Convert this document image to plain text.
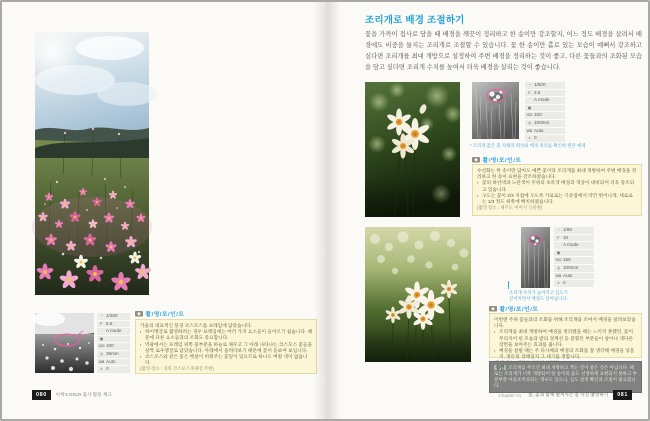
◔ 1/250
F 5.6
A mode
▦
ISO 100
◎ 35mm
WB Auto
± 0
촬/영/포/인/트

가을의 대표적인 풍경 코스모스를 프레임에 담았습니다.

▪ 하이앵글로 촬영하려는 경우 프레임에는 여러 가지 요소들이 들어오기 쉽습니다. 때문에 다른 요소들과의 조화도 중요합니다.

▪ 역광에서는 프레임 위쪽 꽃부분을 하늘로 채우고 그 아래 나타나는 코스모스 꽃들을 살짝 로우앵글로 담았습니다. 아래에서 올려다보기 때문에 꽃이 돋보여 보입니다.

▪ 코스모스와 같은 꽃은 햇살이 비춰주는 꽃잎이 있으므로 하나도 버릴 색이 없습니다.

(촬영 장소 : 경북 코스모스축제장 주변)

080	아찌's DSLR 출사 활용 체크
조리개로 배경 조절하기

꽃을 가까이 접사로 담을 때 배경을 깨끗이 정리하고 한 송이만 강조할지, 어느 정도 배경을 살려서 배경에도 비중을 둘지는 조리개로 조절할 수 있습니다. 꽃 한 송이만 홀로 있는 모습이 예뻐서 강조하고 싶다면 조리개를 최대 개방으로 설정하여 주변 배경을 정리하는 것이 좋고, 다른 꽃들과의 조화된 모습을 담고 싶다면 조리개 수치를 높여서 더욱 배경을 살리는 것이 좋습니다.

◔ 1/500
F 3.5
A mode
▦
ISO 100
◎ 100mm
WB Auto
± 0
*조리개 값은 꽃 자체의 위치와 배경 정리를 확인한 원본 예제
촬/영/포/인/트

수선화는 한 송이만 담아도 예쁜 꽃이라 조리개를 최대 개방하여 주변 배경을 정리하고 한 송이 표현을 강조하였습니다.

▪ 꽃의 하얀색과 노란색이 주위의 초록색 배경과 색상이 대비되어 더욱 강조되고 있습니다.

▪ 구도는 꽃이 2/3 지점에 오도록 가로로는 기준점에서 약간 벗어나게, 세로로는 1/3 정도 위쪽에 배치하였습니다.

(촬영 장소 : 제주도 여미지 식물원)

◔ 1/90
F 10
A mode
▦
ISO 160
◎ 100mm
WB Auto
± 0
조리개 수치가 높아지고 심도가
깊어지면서 배경도 살아납니다.
촬/영/포/인/트

이번엔 주위 꽃들과의 조화를 위해 조리개를 조여서 배경을 살려보았습니다.

▪ 조리개를 최대 개방하여 배경을 정리했을 때는 느끼지 못했던, 꽃이 무리지어 핀 모습과 밭의 경계선 등 묻혔던 부분들이 살아나 색다른 장면을 보여주는 효과를 줍니다.

▪ 배경을 살릴 때는 주 피사체와 배경의 조화를 잘 생각해 배경을 넣을지, 정돈된 상태일지 그 세기를 정합니다.

잠깐 조리개를 무조건 최대 개방하고 찍는 것이 좋은 것은 아닙니다. 때로는 조리개가 너무 개방되어 한 송이의 꽃도 선명하게 표현되지 못하고 부분부분 아웃포커싱되는 경우도 있으니, 심도 설정 확인과 조절이 필요합니다.
Chapter 01 봄, 꽃과 함께 펼쳐지는 봄 사진 촬영하기	081
